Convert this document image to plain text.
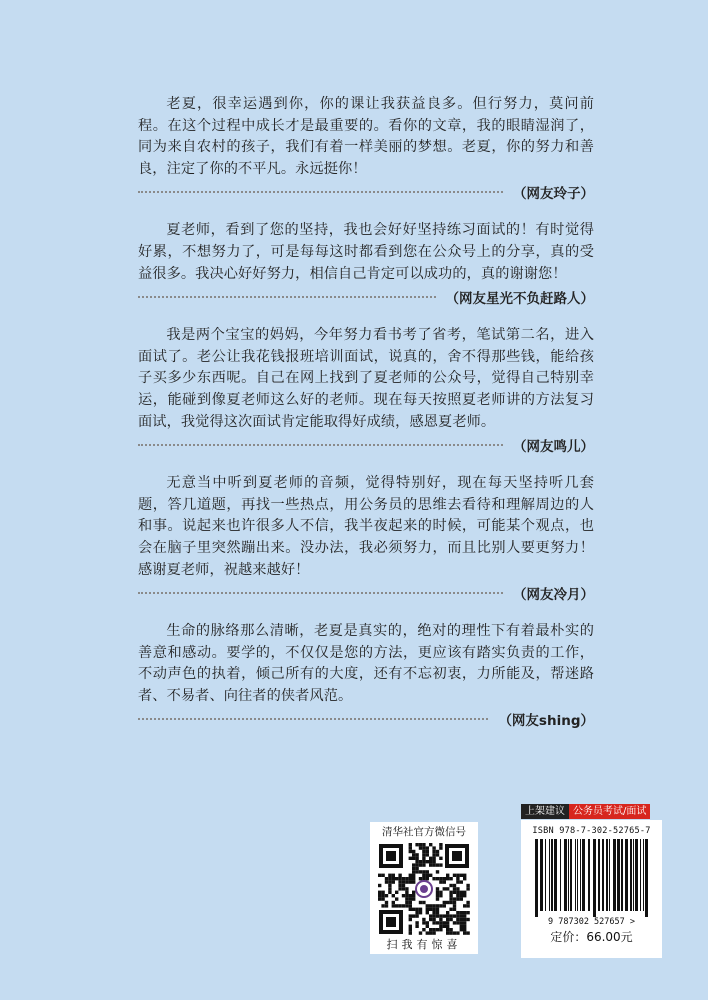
老夏，很幸运遇到你，你的课让我获益良多。但行努力，莫问前程。在这个过程中成长才是最重要的。看你的文章，我的眼睛湿润了，同为来自农村的孩子，我们有着一样美丽的梦想。老夏，你的努力和善良，注定了你的不平凡。永远挺你！

（网友玲子）

夏老师，看到了您的坚持，我也会好好坚持练习面试的！有时觉得好累，不想努力了，可是每每这时都看到您在公众号上的分享，真的受益很多。我决心好好努力，相信自己肯定可以成功的，真的谢谢您！

（网友星光不负赶路人）

我是两个宝宝的妈妈，今年努力看书考了省考，笔试第二名，进入面试了。老公让我花钱报班培训面试，说真的，舍不得那些钱，能给孩子买多少东西呢。自己在网上找到了夏老师的公众号，觉得自己特别幸运，能碰到像夏老师这么好的老师。现在每天按照夏老师讲的方法复习面试，我觉得这次面试肯定能取得好成绩，感恩夏老师。

（网友鸣儿）

无意当中听到夏老师的音频，觉得特别好，现在每天坚持听几套题，答几道题，再找一些热点，用公务员的思维去看待和理解周边的人和事。说起来也许很多人不信，我半夜起来的时候，可能某个观点，也会在脑子里突然蹦出来。没办法，我必须努力，而且比别人要更努力！感谢夏老师，祝越来越好！

（网友冷月）

生命的脉络那么清晰，老夏是真实的，绝对的理性下有着最朴实的善意和感动。要学的，不仅仅是您的方法，更应该有踏实负责的工作，不动声色的执着，倾己所有的大度，还有不忘初衷，力所能及，帮迷路者、不易者、向往者的侠者风范。

（网友shing）
清华社官方微信号
扫我有惊喜
上架建议 公务员考试/面试
ISBN 978-7-302-52765-7
9 787302 527657 >
定价：66.00元
